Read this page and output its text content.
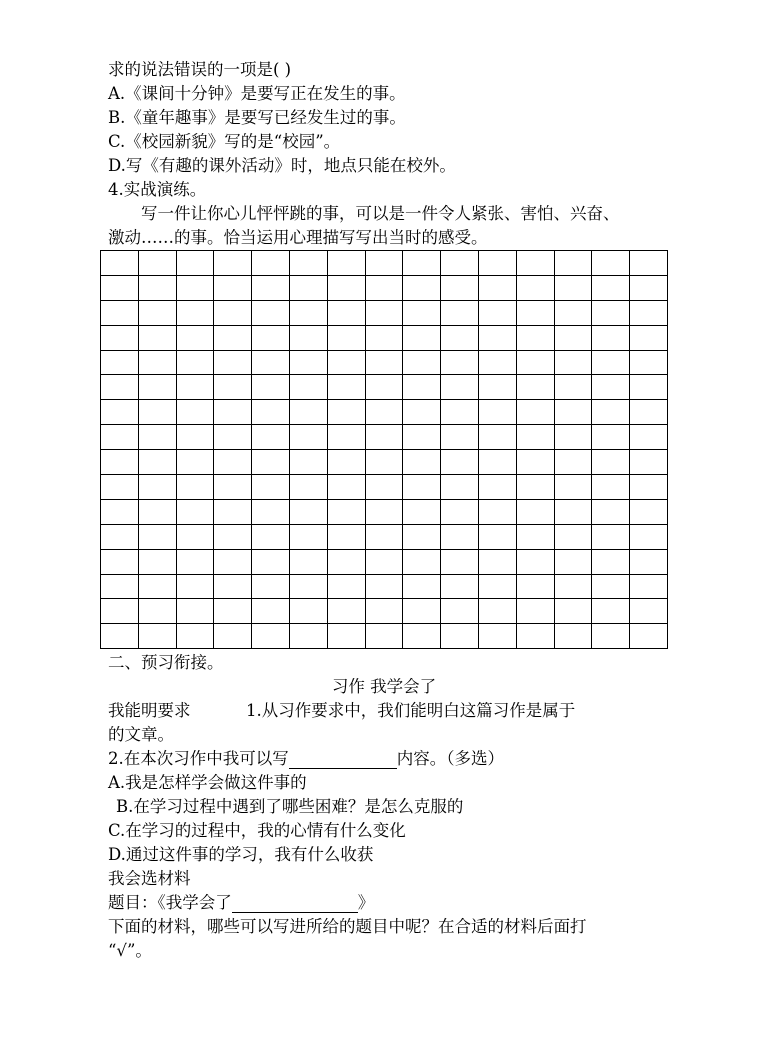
求的说法错误的一项是( )
A.《课间十分钟》是要写正在发生的事。
B.《童年趣事》是要写已经发生过的事。
C.《校园新貌》写的是“校园”。
D.写《有趣的课外活动》时，地点只能在校外。
4.实战演练。
写一件让你心儿怦怦跳的事，可以是一件令人紧张、害怕、兴奋、
激动……的事。恰当运用心理描写写出当时的感受。
二、预习衔接。
习作 我学会了
我能明要求	1.从习作要求中，我们能明白这篇习作是属于
的文章。
2.在本次习作中我可以写	内容。（多选）
A.我是怎样学会做这件事的
B.在学习过程中遇到了哪些困难？是怎么克服的
C.在学习的过程中，我的心情有什么变化
D.通过这件事的学习，我有什么收获
我会选材料
题目：《我学会了	》
下面的材料，哪些可以写进所给的题目中呢？在合适的材料后面打
“√”。
